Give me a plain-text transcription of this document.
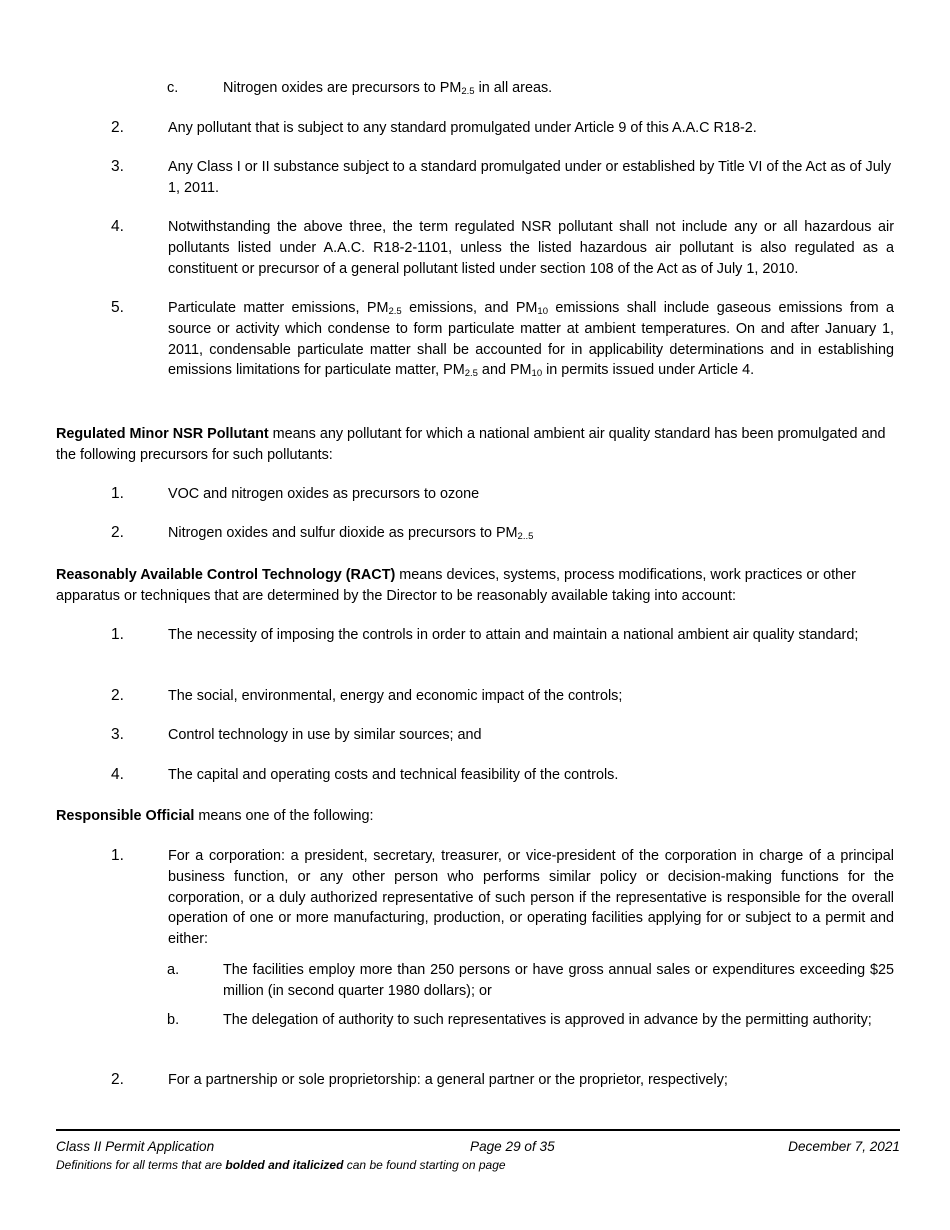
c.	Nitrogen oxides are precursors to $PM_{2.5}$ in all areas.
2.	Any pollutant that is subject to any standard promulgated under Article 9 of this A.A.C R18-2.
3.	Any Class I or II substance subject to a standard promulgated under or established by Title VI of the Act as of July 1, 2011.
4.	Notwithstanding the above three, the term regulated NSR pollutant shall not include any or all hazardous air pollutants listed under A.A.C. R18-2-1101, unless the listed hazardous air pollutant is also regulated as a constituent or precursor of a general pollutant listed under section 108 of the Act as of July 1, 2010.
5.	Particulate matter emissions, $PM_{2.5}$ emissions, and $PM_{10}$ emissions shall include gaseous emissions from a source or activity which condense to form particulate matter at ambient temperatures. On and after January 1, 2011, condensable particulate matter shall be accounted for in applicability determinations and in establishing emissions limitations for particulate matter, $PM_{2.5}$ and $PM_{10}$ in permits issued under Article 4.
Regulated Minor NSR Pollutant means any pollutant for which a national ambient air quality standard has been promulgated and the following precursors for such pollutants:
1.	VOC and nitrogen oxides as precursors to ozone
2.	Nitrogen oxides and sulfur dioxide as precursors to $PM_{2..5}$
Reasonably Available Control Technology (RACT) means devices, systems, process modifications, work practices or other apparatus or techniques that are determined by the Director to be reasonably available taking into account:
1.	The necessity of imposing the controls in order to attain and maintain a national ambient air quality standard;
2.	The social, environmental, energy and economic impact of the controls;
3.	Control technology in use by similar sources; and
4.	The capital and operating costs and technical feasibility of the controls.
Responsible Official means one of the following:
1.	For a corporation: a president, secretary, treasurer, or vice-president of the corporation in charge of a principal business function, or any other person who performs similar policy or decision-making functions for the corporation, or a duly authorized representative of such person if the representative is responsible for the overall operation of one or more manufacturing, production, or operating facilities applying for or subject to a permit and either:
a.	The facilities employ more than 250 persons or have gross annual sales or expenditures exceeding $25 million (in second quarter 1980 dollars); or
b.	The delegation of authority to such representatives is approved in advance by the permitting authority;
2.	For a partnership or sole proprietorship: a general partner or the proprietor, respectively;
Class II Permit Application	Page 29 of 35	December 7, 2021
Definitions for all terms that are bolded and italicized can be found starting on page
